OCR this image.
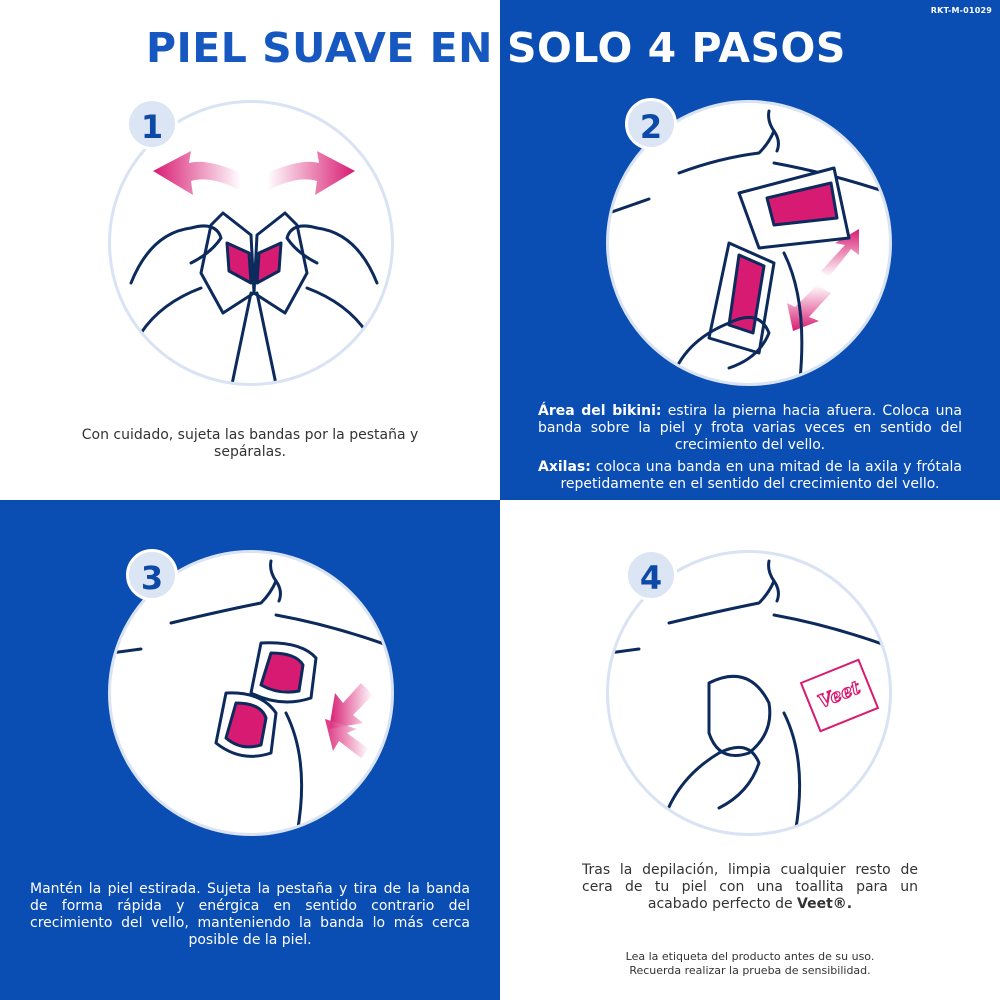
RKT-M-01029
PIEL SUAVE EN SOLO 4 PASOS
1
Con cuidado, sujeta las bandas por la pestaña y sepáralas.
2
Área del bikini: estira la pierna hacia afuera. Coloca una banda sobre la piel y frota varias veces en sentido del crecimiento del vello.
Axilas: coloca una banda en una mitad de la axila y frótala repetidamente en el sentido del crecimiento del vello.
3
Mantén la piel estirada. Sujeta la pestaña y tira de la banda de forma rápida y enérgica en sentido contrario del crecimiento del vello, manteniendo la banda lo más cerca posible de la piel.
Veet
4
Tras la depilación, limpia cualquier resto de cera de tu piel con una toallita para un acabado perfecto de Veet®.
Lea la etiqueta del producto antes de su uso.
Recuerda realizar la prueba de sensibilidad.
